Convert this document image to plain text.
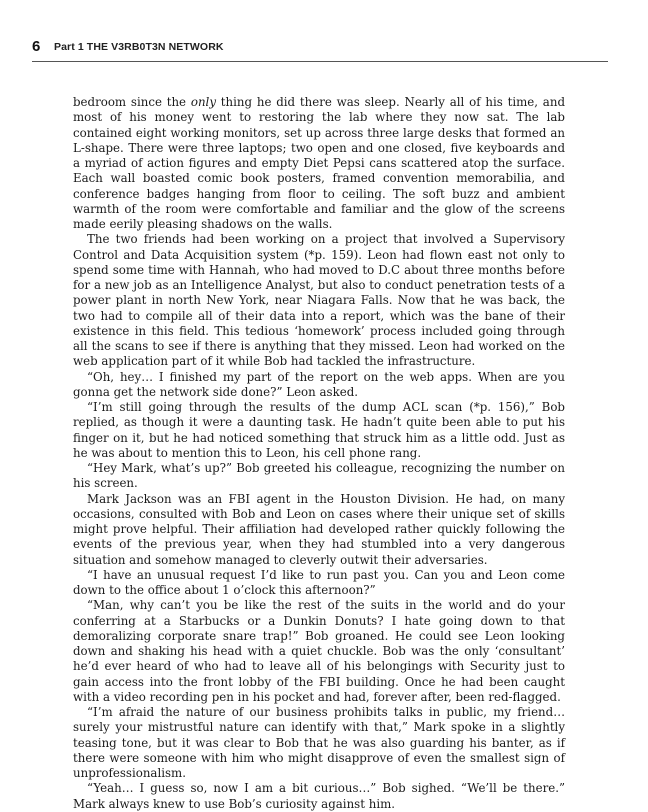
6 Part 1 THE V3RB0T3N NETWORK

bedroom since the only thing he did there was sleep. Nearly all of his time, and most of his money went to restoring the lab where they now sat. The lab contained eight working monitors, set up across three large desks that formed an L-shape. There were three laptops; two open and one closed, five keyboards and a myriad of action figures and empty Diet Pepsi cans scattered atop the surface. Each wall boasted comic book posters, framed convention memorabilia, and conference badges hanging from floor to ceiling. The soft buzz and ambient warmth of the room were comfortable and familiar and the glow of the screens made eerily pleasing shadows on the walls.

The two friends had been working on a project that involved a Supervisory Control and Data Acquisition system (*p. 159). Leon had flown east not only to spend some time with Hannah, who had moved to D.C about three months before for a new job as an Intelligence Analyst, but also to conduct penetration tests of a power plant in north New York, near Niagara Falls. Now that he was back, the two had to compile all of their data into a report, which was the bane of their existence in this field. This tedious ‘homework’ process included going through all the scans to see if there is anything that they missed. Leon had worked on the web application part of it while Bob had tackled the infrastructure.

“Oh, hey… I finished my part of the report on the web apps. When are you gonna get the network side done?” Leon asked.

“I’m still going through the results of the dump ACL scan (*p. 156),” Bob replied, as though it were a daunting task. He hadn’t quite been able to put his finger on it, but he had noticed something that struck him as a little odd. Just as he was about to mention this to Leon, his cell phone rang.

“Hey Mark, what’s up?” Bob greeted his colleague, recognizing the number on his screen.

Mark Jackson was an FBI agent in the Houston Division. He had, on many occasions, consulted with Bob and Leon on cases where their unique set of skills might prove helpful. Their affiliation had developed rather quickly following the events of the previous year, when they had stumbled into a very dangerous situation and somehow managed to cleverly outwit their adversaries.

“I have an unusual request I’d like to run past you. Can you and Leon come down to the office about 1 o’clock this afternoon?”

“Man, why can’t you be like the rest of the suits in the world and do your conferring at a Starbucks or a Dunkin Donuts? I hate going down to that demoralizing corporate snare trap!” Bob groaned. He could see Leon looking down and shaking his head with a quiet chuckle. Bob was the only ‘consultant’ he’d ever heard of who had to leave all of his belongings with Security just to gain access into the front lobby of the FBI building. Once he had been caught with a video recording pen in his pocket and had, forever after, been red-flagged.

“I’m afraid the nature of our business prohibits talks in public, my friend… surely your mistrustful nature can identify with that,” Mark spoke in a slightly teasing tone, but it was clear to Bob that he was also guarding his banter, as if there were someone with him who might disapprove of even the smallest sign of unprofessionalism.

“Yeah… I guess so, now I am a bit curious…” Bob sighed. “We’ll be there.” Mark always knew to use Bob’s curiosity against him.
